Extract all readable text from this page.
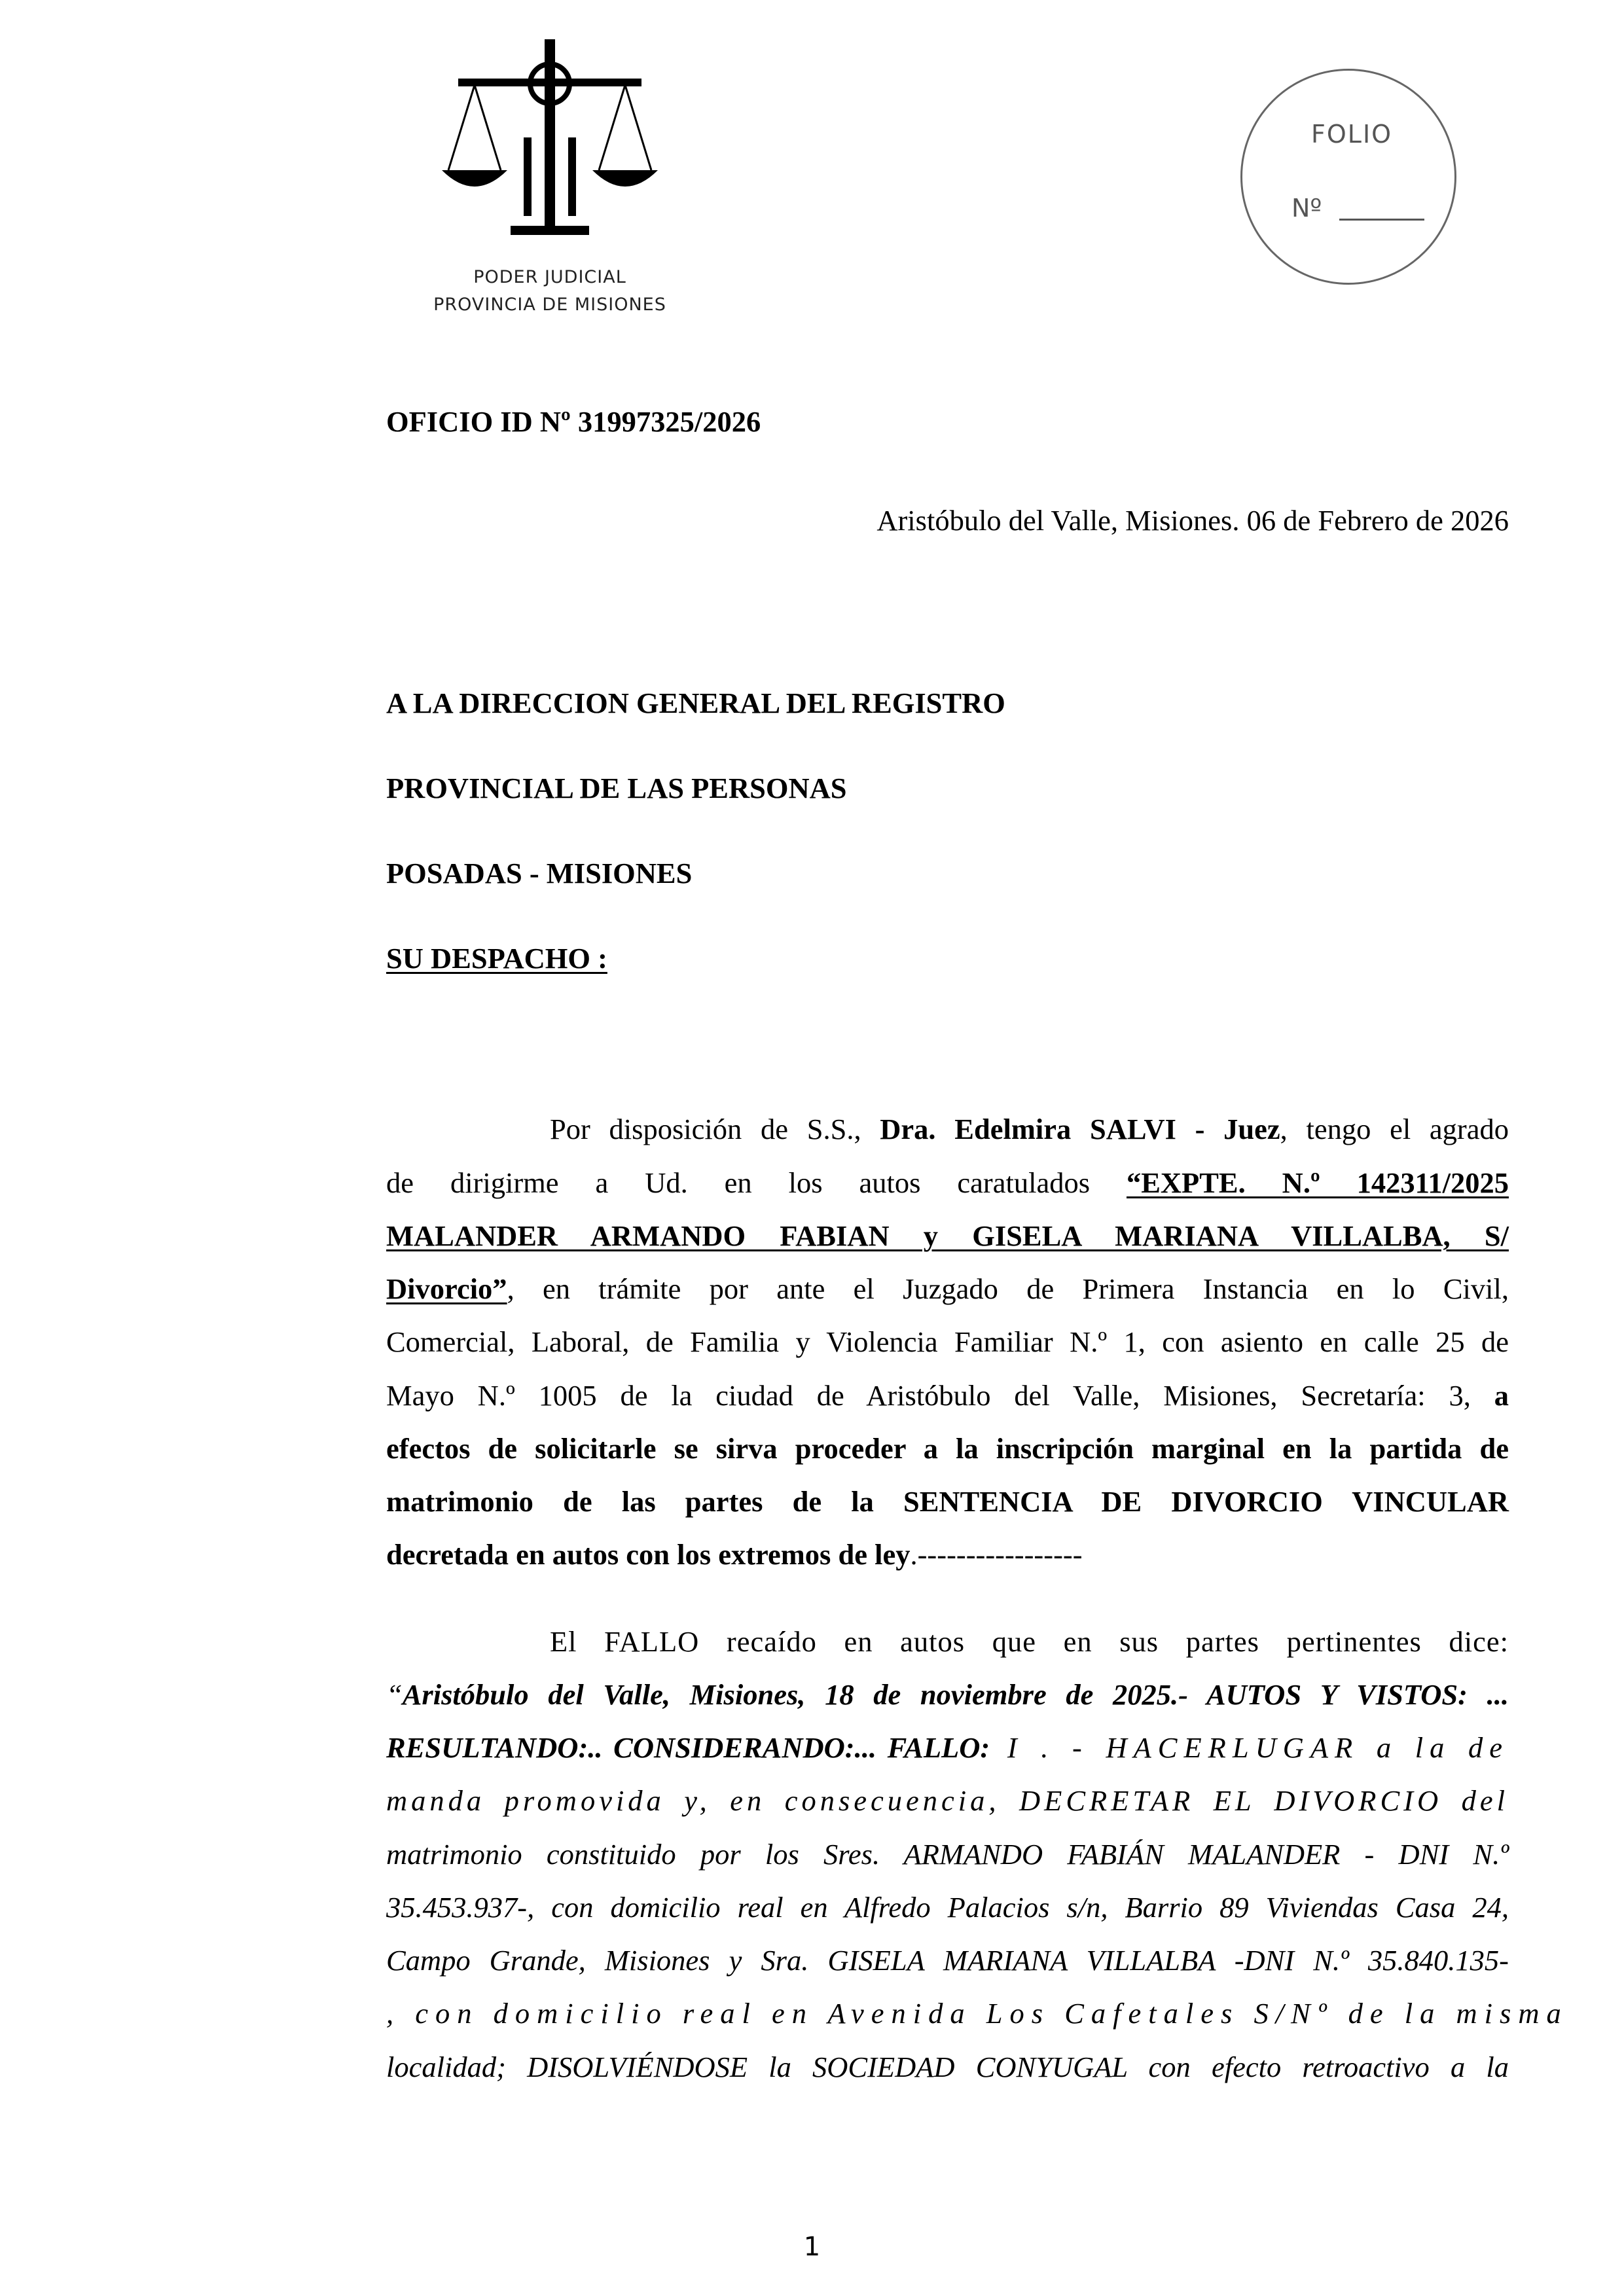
PODER JUDICIAL
PROVINCIA DE MISIONES
FOLIO
Nº
OFICIO ID Nº 31997325/2026
Aristóbulo del Valle, Misiones. 06 de Febrero de 2026
A LA DIRECCION GENERAL DEL REGISTRO
PROVINCIAL DE LAS PERSONAS
POSADAS - MISIONES
SU DESPACHO :
Por disposición de S.S., Dra. Edelmira SALVI - Juez, tengo el agrado
de dirigirme a Ud. en los autos caratulados “EXPTE. N.º 142311/2025
MALANDER ARMANDO FABIAN y GISELA MARIANA VILLALBA, S/
Divorcio”, en trámite por ante el Juzgado de Primera Instancia en lo Civil,
Comercial, Laboral, de Familia y Violencia Familiar N.º 1, con asiento en calle 25 de
Mayo N.º 1005 de la ciudad de Aristóbulo del Valle, Misiones, Secretaría: 3, a
efectos de solicitarle se sirva proceder a la inscripción marginal en la partida de
matrimonio de las partes de la SENTENCIA DE DIVORCIO VINCULAR
decretada en autos con los extremos de ley.-----------------
El FALLO recaído en autos que en sus partes pertinentes dice:
“Aristóbulo del Valle, Misiones, 18 de noviembre de 2025.- AUTOS Y VISTOS: ...
RESULTANDO:.. CONSIDERANDO:... FALLO: I . - HACERLUGAR a la de
manda promovida y, en consecuencia, DECRETAR EL DIVORCIO del
matrimonio constituido por los Sres. ARMANDO FABIÁN MALANDER - DNI N.º
35.453.937-, con domicilio real en Alfredo Palacios s/n, Barrio 89 Viviendas Casa 24,
Campo Grande, Misiones y Sra. GISELA MARIANA VILLALBA -DNI N.º 35.840.135-
, con domicilio real en Avenida Los Cafetales S/Nº de la misma
localidad; DISOLVIÉNDOSE la SOCIEDAD CONYUGAL con efecto retroactivo a la
1
